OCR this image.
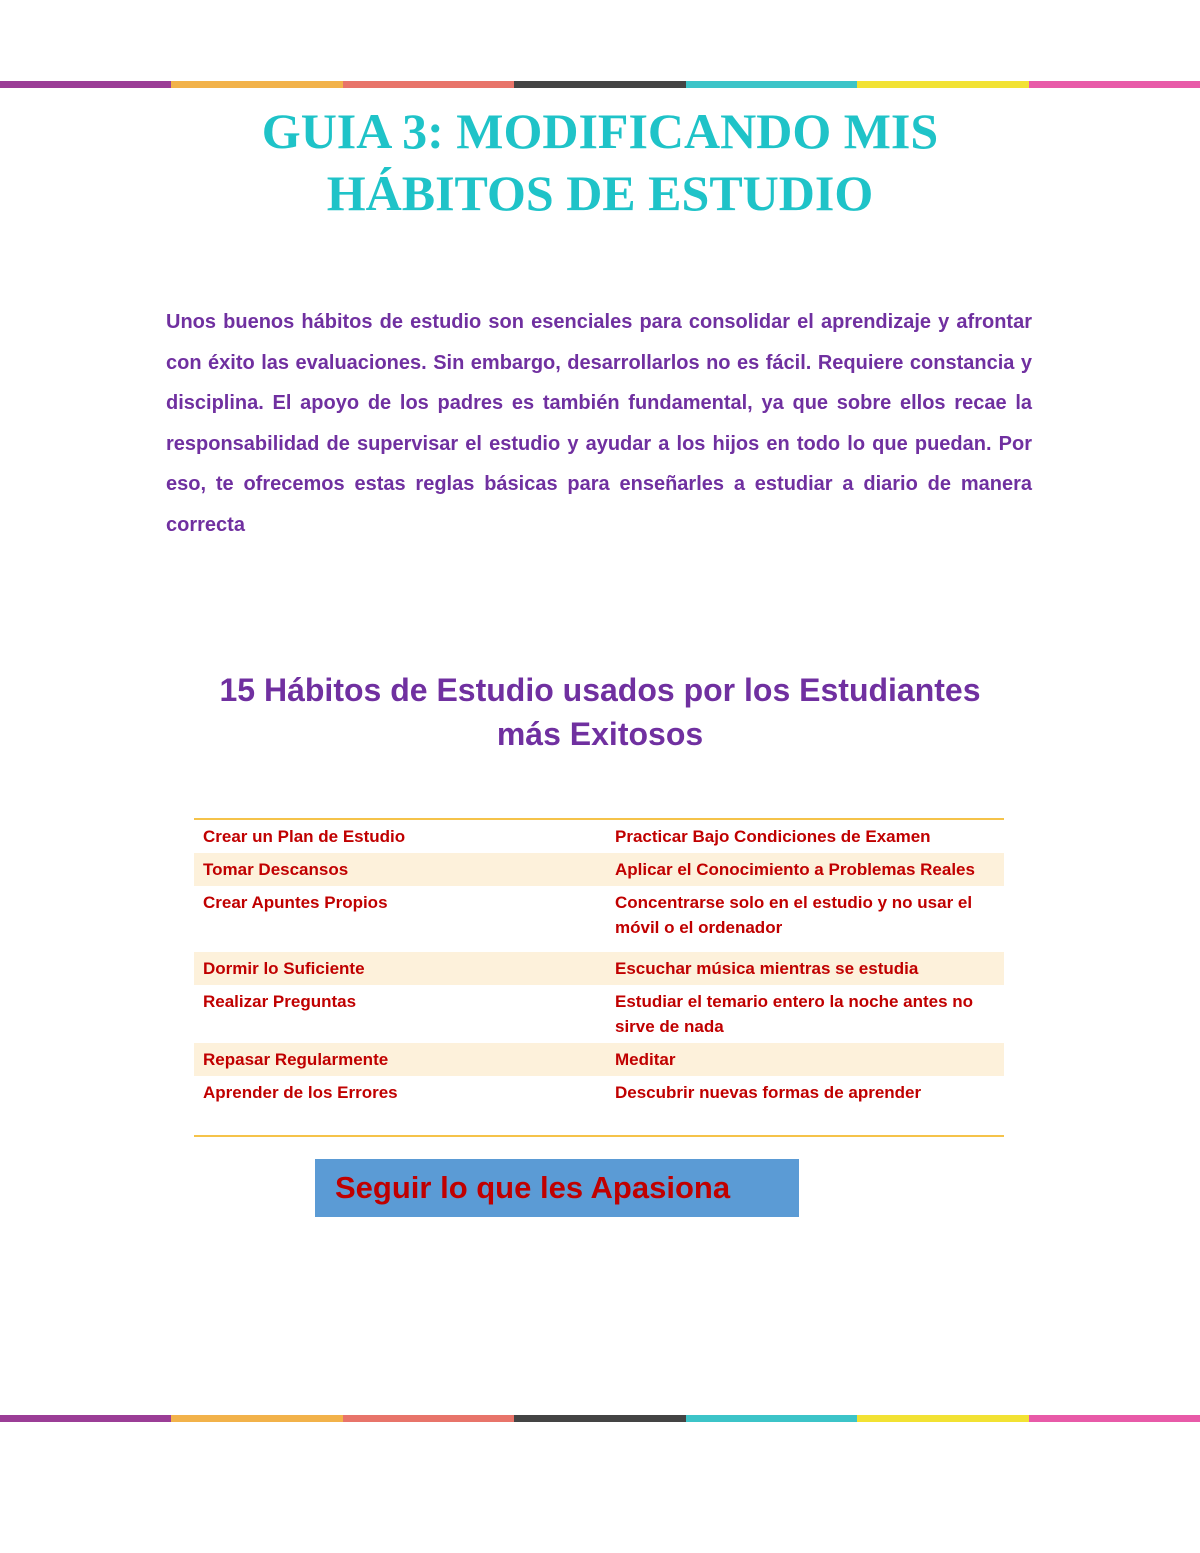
GUIA 3: MODIFICANDO MIS
HÁBITOS DE ESTUDIO

Unos buenos hábitos de estudio son esenciales para consolidar el aprendizaje y afrontar con éxito las evaluaciones. Sin embargo, desarrollarlos no es fácil. Requiere constancia y disciplina. El apoyo de los padres es también fundamental, ya que sobre ellos recae la responsabilidad de supervisar el estudio y ayudar a los hijos en todo lo que puedan. Por eso, te ofrecemos estas reglas básicas para enseñarles a estudiar a diario de manera correcta

15 Hábitos de Estudio usados por los Estudiantes
más Exitosos
Crear un Plan de Estudio	Practicar Bajo Condiciones de Examen
Tomar Descansos	Aplicar el Conocimiento a Problemas Reales
Crear Apuntes Propios	Concentrarse solo en el estudio y no usar el móvil o el ordenador
Dormir lo Suficiente	Escuchar música mientras se estudia
Realizar Preguntas	Estudiar el temario entero la noche antes no sirve de nada
Repasar Regularmente	Meditar
Aprender de los Errores	Descubrir nuevas formas de aprender

Seguir lo que les Apasiona
